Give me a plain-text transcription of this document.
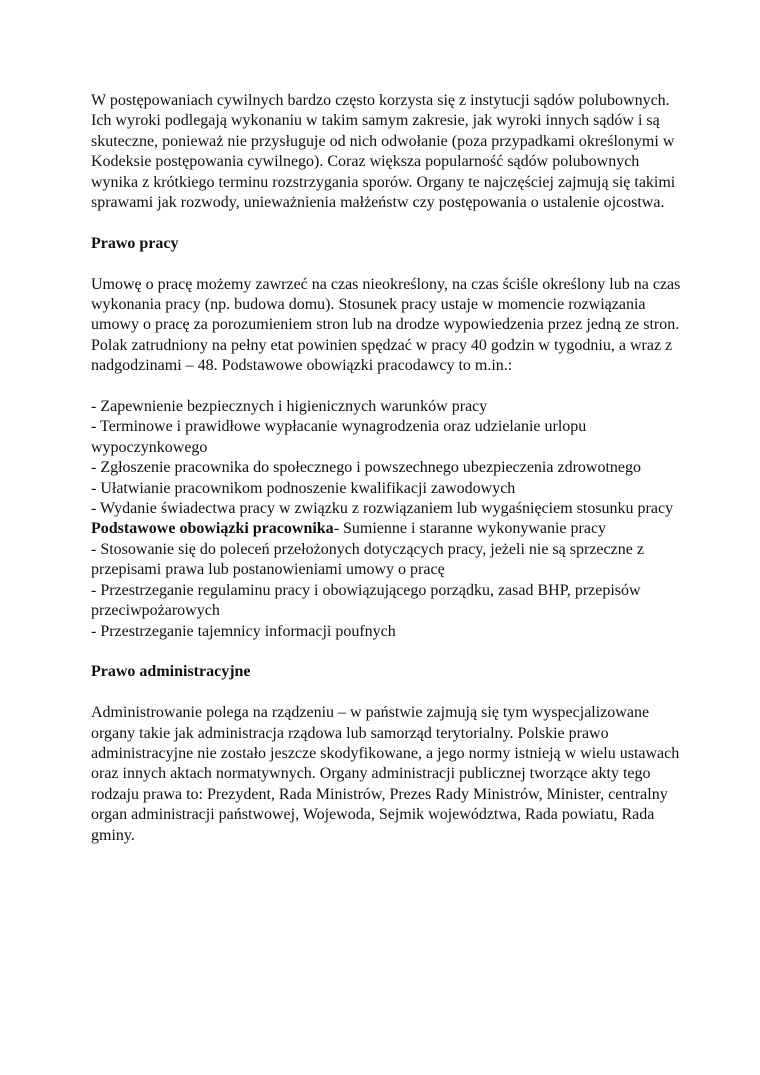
W postępowaniach cywilnych bardzo często korzysta się z instytucji sądów polubownych. Ich wyroki podlegają wykonaniu w takim samym zakresie, jak wyroki innych sądów i są skuteczne, ponieważ nie przysługuje od nich odwołanie (poza przypadkami określonymi w Kodeksie postępowania cywilnego). Coraz większa popularność sądów polubownych wynika z krótkiego terminu rozstrzygania sporów. Organy te najczęściej zajmują się takimi sprawami jak rozwody, unieważnienia małżeństw czy postępowania o ustalenie ojcostwa.

Prawo pracy

Umowę o pracę możemy zawrzeć na czas nieokreślony, na czas ściśle określony lub na czas wykonania pracy (np. budowa domu). Stosunek pracy ustaje w momencie rozwiązania umowy o pracę za porozumieniem stron lub na drodze wypowiedzenia przez jedną ze stron. Polak zatrudniony na pełny etat powinien spędzać w pracy 40 godzin w tygodniu, a wraz z nadgodzinami – 48. Podstawowe obowiązki pracodawcy to m.in.:

- Zapewnienie bezpiecznych i higienicznych warunków pracy

- Terminowe i prawidłowe wypłacanie wynagrodzenia oraz udzielanie urlopu wypoczynkowego

- Zgłoszenie pracownika do społecznego i powszechnego ubezpieczenia zdrowotnego

- Ułatwianie pracownikom podnoszenie kwalifikacji zawodowych

- Wydanie świadectwa pracy w związku z rozwiązaniem lub wygaśnięciem stosunku pracy

Podstawowe obowiązki pracownika- Sumienne i staranne wykonywanie pracy

- Stosowanie się do poleceń przełożonych dotyczących pracy, jeżeli nie są sprzeczne z przepisami prawa lub postanowieniami umowy o pracę

- Przestrzeganie regulaminu pracy i obowiązującego porządku, zasad BHP, przepisów przeciwpożarowych

- Przestrzeganie tajemnicy informacji poufnych

Prawo administracyjne

Administrowanie polega na rządzeniu – w państwie zajmują się tym wyspecjalizowane organy takie jak administracja rządowa lub samorząd terytorialny. Polskie prawo administracyjne nie zostało jeszcze skodyfikowane, a jego normy istnieją w wielu ustawach oraz innych aktach normatywnych. Organy administracji publicznej tworzące akty tego rodzaju prawa to: Prezydent, Rada Ministrów, Prezes Rady Ministrów, Minister, centralny organ administracji państwowej, Wojewoda, Sejmik województwa, Rada powiatu, Rada gminy.
